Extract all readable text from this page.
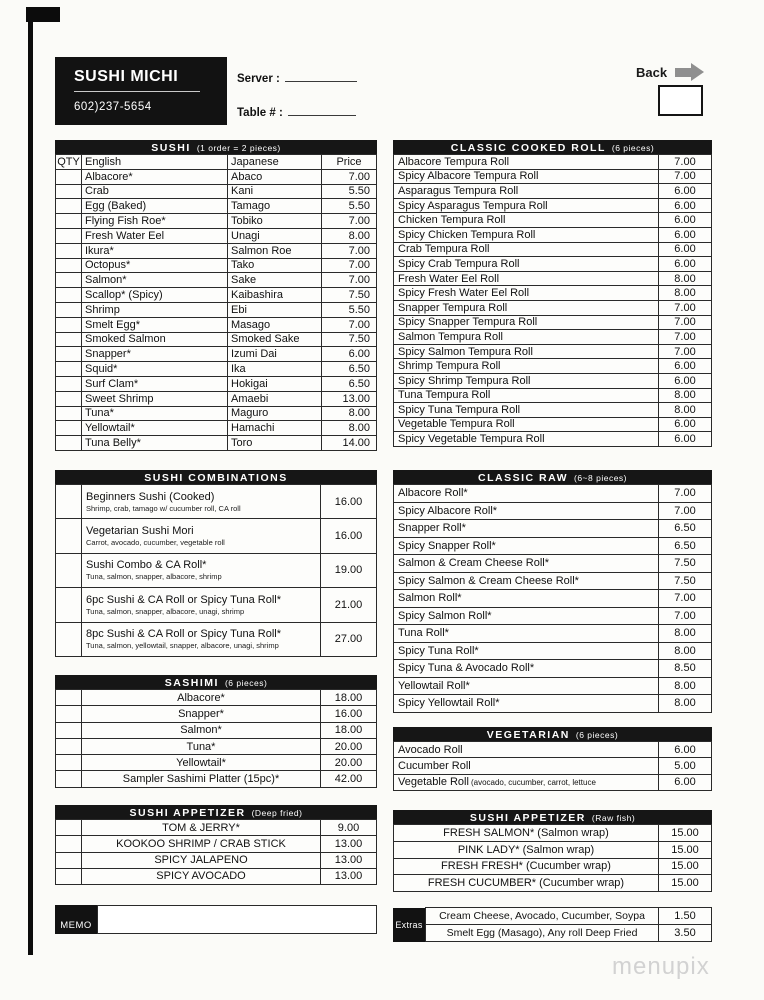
SUSHI MICHI
602)237-5654
Server :
Table # :
Back
SUSHI (1 order = 2 pieces)
QTY English	Japanese	Price
Albacore*	Abaco	7.00
Crab	Kani	5.50
Egg (Baked)	Tamago	5.50
Flying Fish Roe*	Tobiko	7.00
Fresh Water Eel	Unagi	8.00
Ikura*	Salmon Roe	7.00
Octopus*	Tako	7.00
Salmon*	Sake	7.00
Scallop* (Spicy)	Kaibashira	7.50
Shrimp	Ebi	5.50
Smelt Egg*	Masago	7.00
Smoked Salmon	Smoked Sake	7.50
Snapper*	Izumi Dai	6.00
Squid*	Ika	6.50
Surf Clam*	Hokigai	6.50
Sweet Shrimp	Amaebi	13.00
Tuna*	Maguro	8.00
Yellowtail*	Hamachi	8.00
Tuna Belly*	Toro	14.00
SUSHI COMBINATIONS
Beginners Sushi (Cooked)
Shrimp, crab, tamago w/ cucumber roll, CA roll
16.00
Vegetarian Sushi Mori
Carrot, avocado, cucumber, vegetable roll
16.00
Sushi Combo & CA Roll*
Tuna, salmon, snapper, albacore, shrimp
19.00
6pc Sushi & CA Roll or Spicy Tuna Roll*
Tuna, salmon, snapper, albacore, unagi, shrimp
21.00
8pc Sushi & CA Roll or Spicy Tuna Roll*
Tuna, salmon, yellowtail, snapper, albacore, unagi, shrimp
27.00
SASHIMI (6 pieces)
Albacore*	18.00
Snapper*	16.00
Salmon*	18.00
Tuna*	20.00
Yellowtail*	20.00
Sampler Sashimi Platter (15pc)*	42.00
SUSHI APPETIZER (Deep fried)
TOM & JERRY*	9.00
KOOKOO SHRIMP / CRAB STICK	13.00
SPICY JALAPENO	13.00
SPICY AVOCADO	13.00
MEMO
CLASSIC COOKED ROLL (6 pieces)
Albacore Tempura Roll	7.00
Spicy Albacore Tempura Roll	7.00
Asparagus Tempura Roll	6.00
Spicy Asparagus Tempura Roll	6.00
Chicken Tempura Roll	6.00
Spicy Chicken Tempura Roll	6.00
Crab Tempura Roll	6.00
Spicy Crab Tempura Roll	6.00
Fresh Water Eel Roll	8.00
Spicy Fresh Water Eel Roll	8.00
Snapper Tempura Roll	7.00
Spicy Snapper Tempura Roll	7.00
Salmon Tempura Roll	7.00
Spicy Salmon Tempura Roll	7.00
Shrimp Tempura Roll	6.00
Spicy Shrimp Tempura Roll	6.00
Tuna Tempura Roll	8.00
Spicy Tuna Tempura Roll	8.00
Vegetable Tempura Roll	6.00
Spicy Vegetable Tempura Roll	6.00
CLASSIC RAW (6~8 pieces)
Albacore Roll*	7.00
Spicy Albacore Roll*	7.00
Snapper Roll*	6.50
Spicy Snapper Roll*	6.50
Salmon & Cream Cheese Roll*	7.50
Spicy Salmon & Cream Cheese Roll*	7.50
Salmon Roll*	7.00
Spicy Salmon Roll*	7.00
Tuna Roll*	8.00
Spicy Tuna Roll*	8.00
Spicy Tuna & Avocado Roll*	8.50
Yellowtail Roll*	8.00
Spicy Yellowtail Roll*	8.00
VEGETARIAN (6 pieces)
Avocado Roll	6.00
Cucumber Roll	5.00
Vegetable Roll (avocado, cucumber, carrot, lettuce	6.00
SUSHI APPETIZER (Raw fish)
FRESH SALMON* (Salmon wrap)	15.00
PINK LADY* (Salmon wrap)	15.00
FRESH FRESH* (Cucumber wrap)	15.00
FRESH CUCUMBER* (Cucumber wrap)	15.00
Extras
Cream Cheese, Avocado, Cucumber, Soypa	1.50
Smelt Egg (Masago), Any roll Deep Fried	3.50
menupix
